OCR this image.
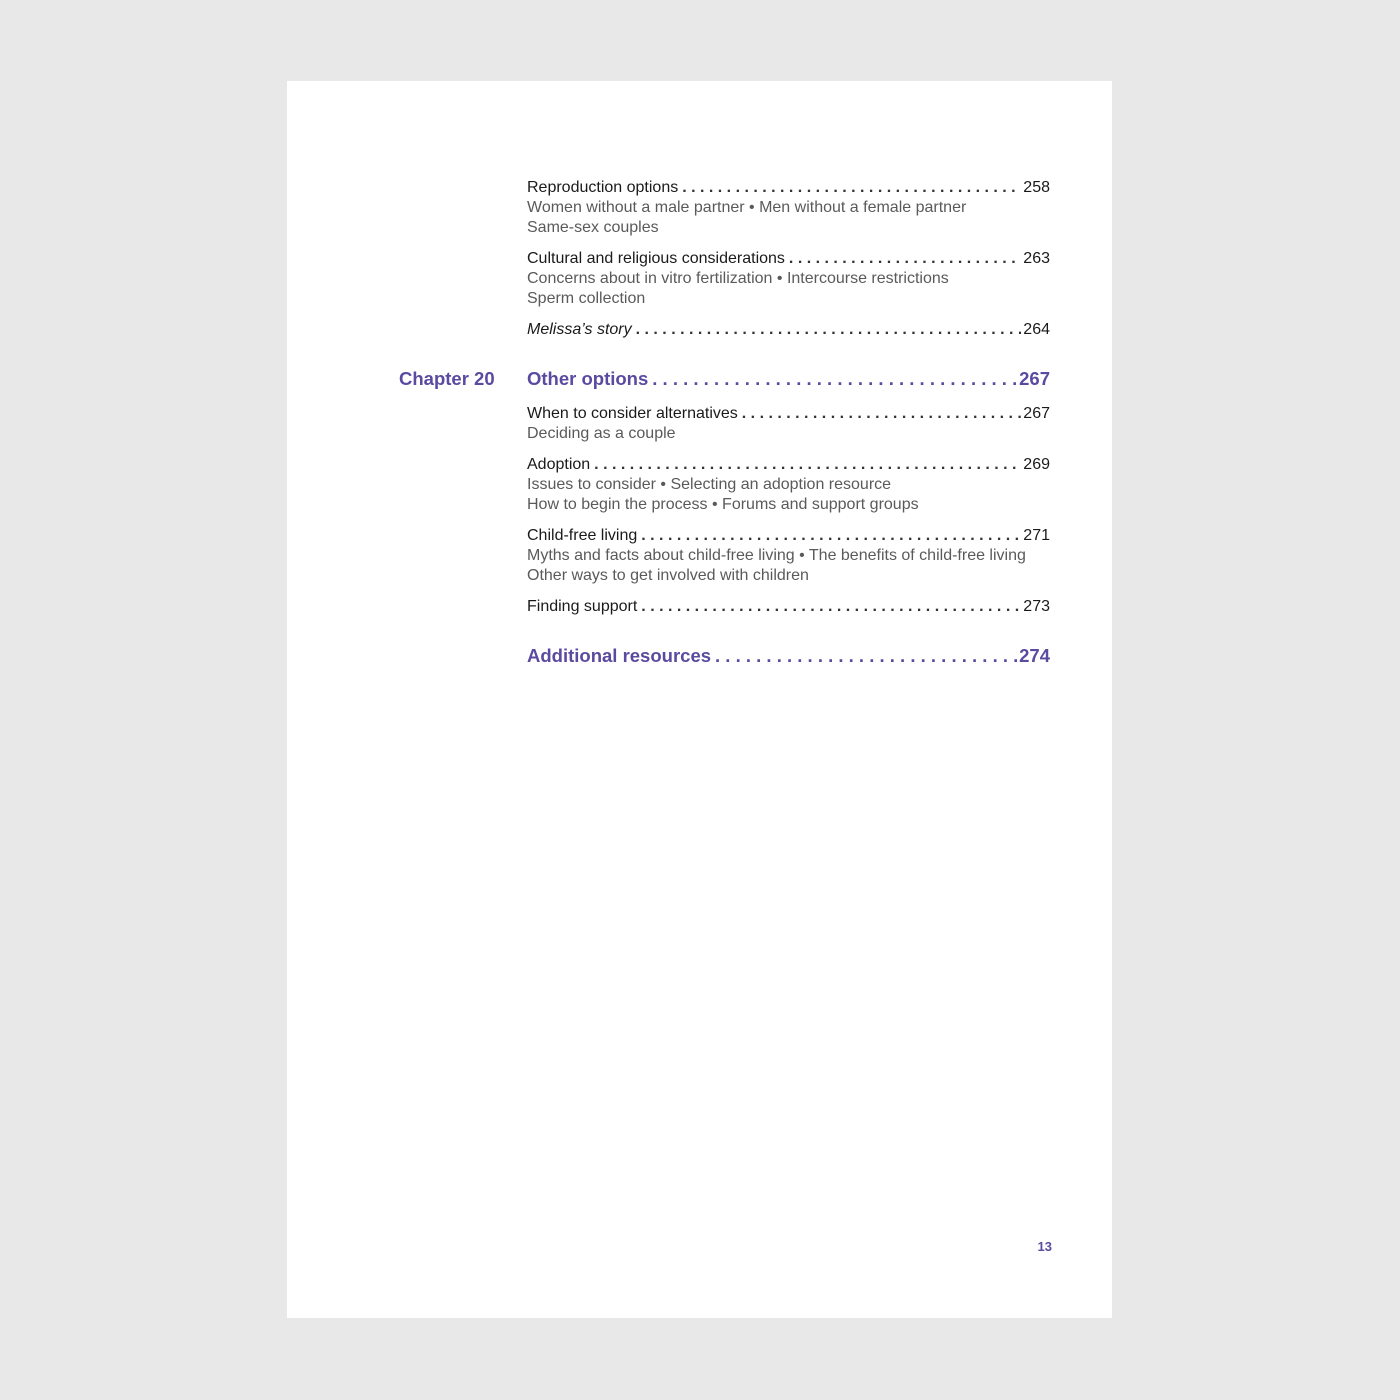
Reproduction options . . .	258
Women without a male partner • Men without a female partner
Same-sex couples
Cultural and religious considerations . . .	263
Concerns about in vitro fertilization • Intercourse restrictions
Sperm collection
Melissa’s story . . .	264
Chapter 20 Other options . . .	267
When to consider alternatives . . .	267
Deciding as a couple
Adoption . . .	269
Issues to consider • Selecting an adoption resource
How to begin the process • Forums and support groups
Child-free living . . .	271
Myths and facts about child-free living • The benefits of child-free living
Other ways to get involved with children
Finding support . . .	273
Additional resources . . .	274
13
